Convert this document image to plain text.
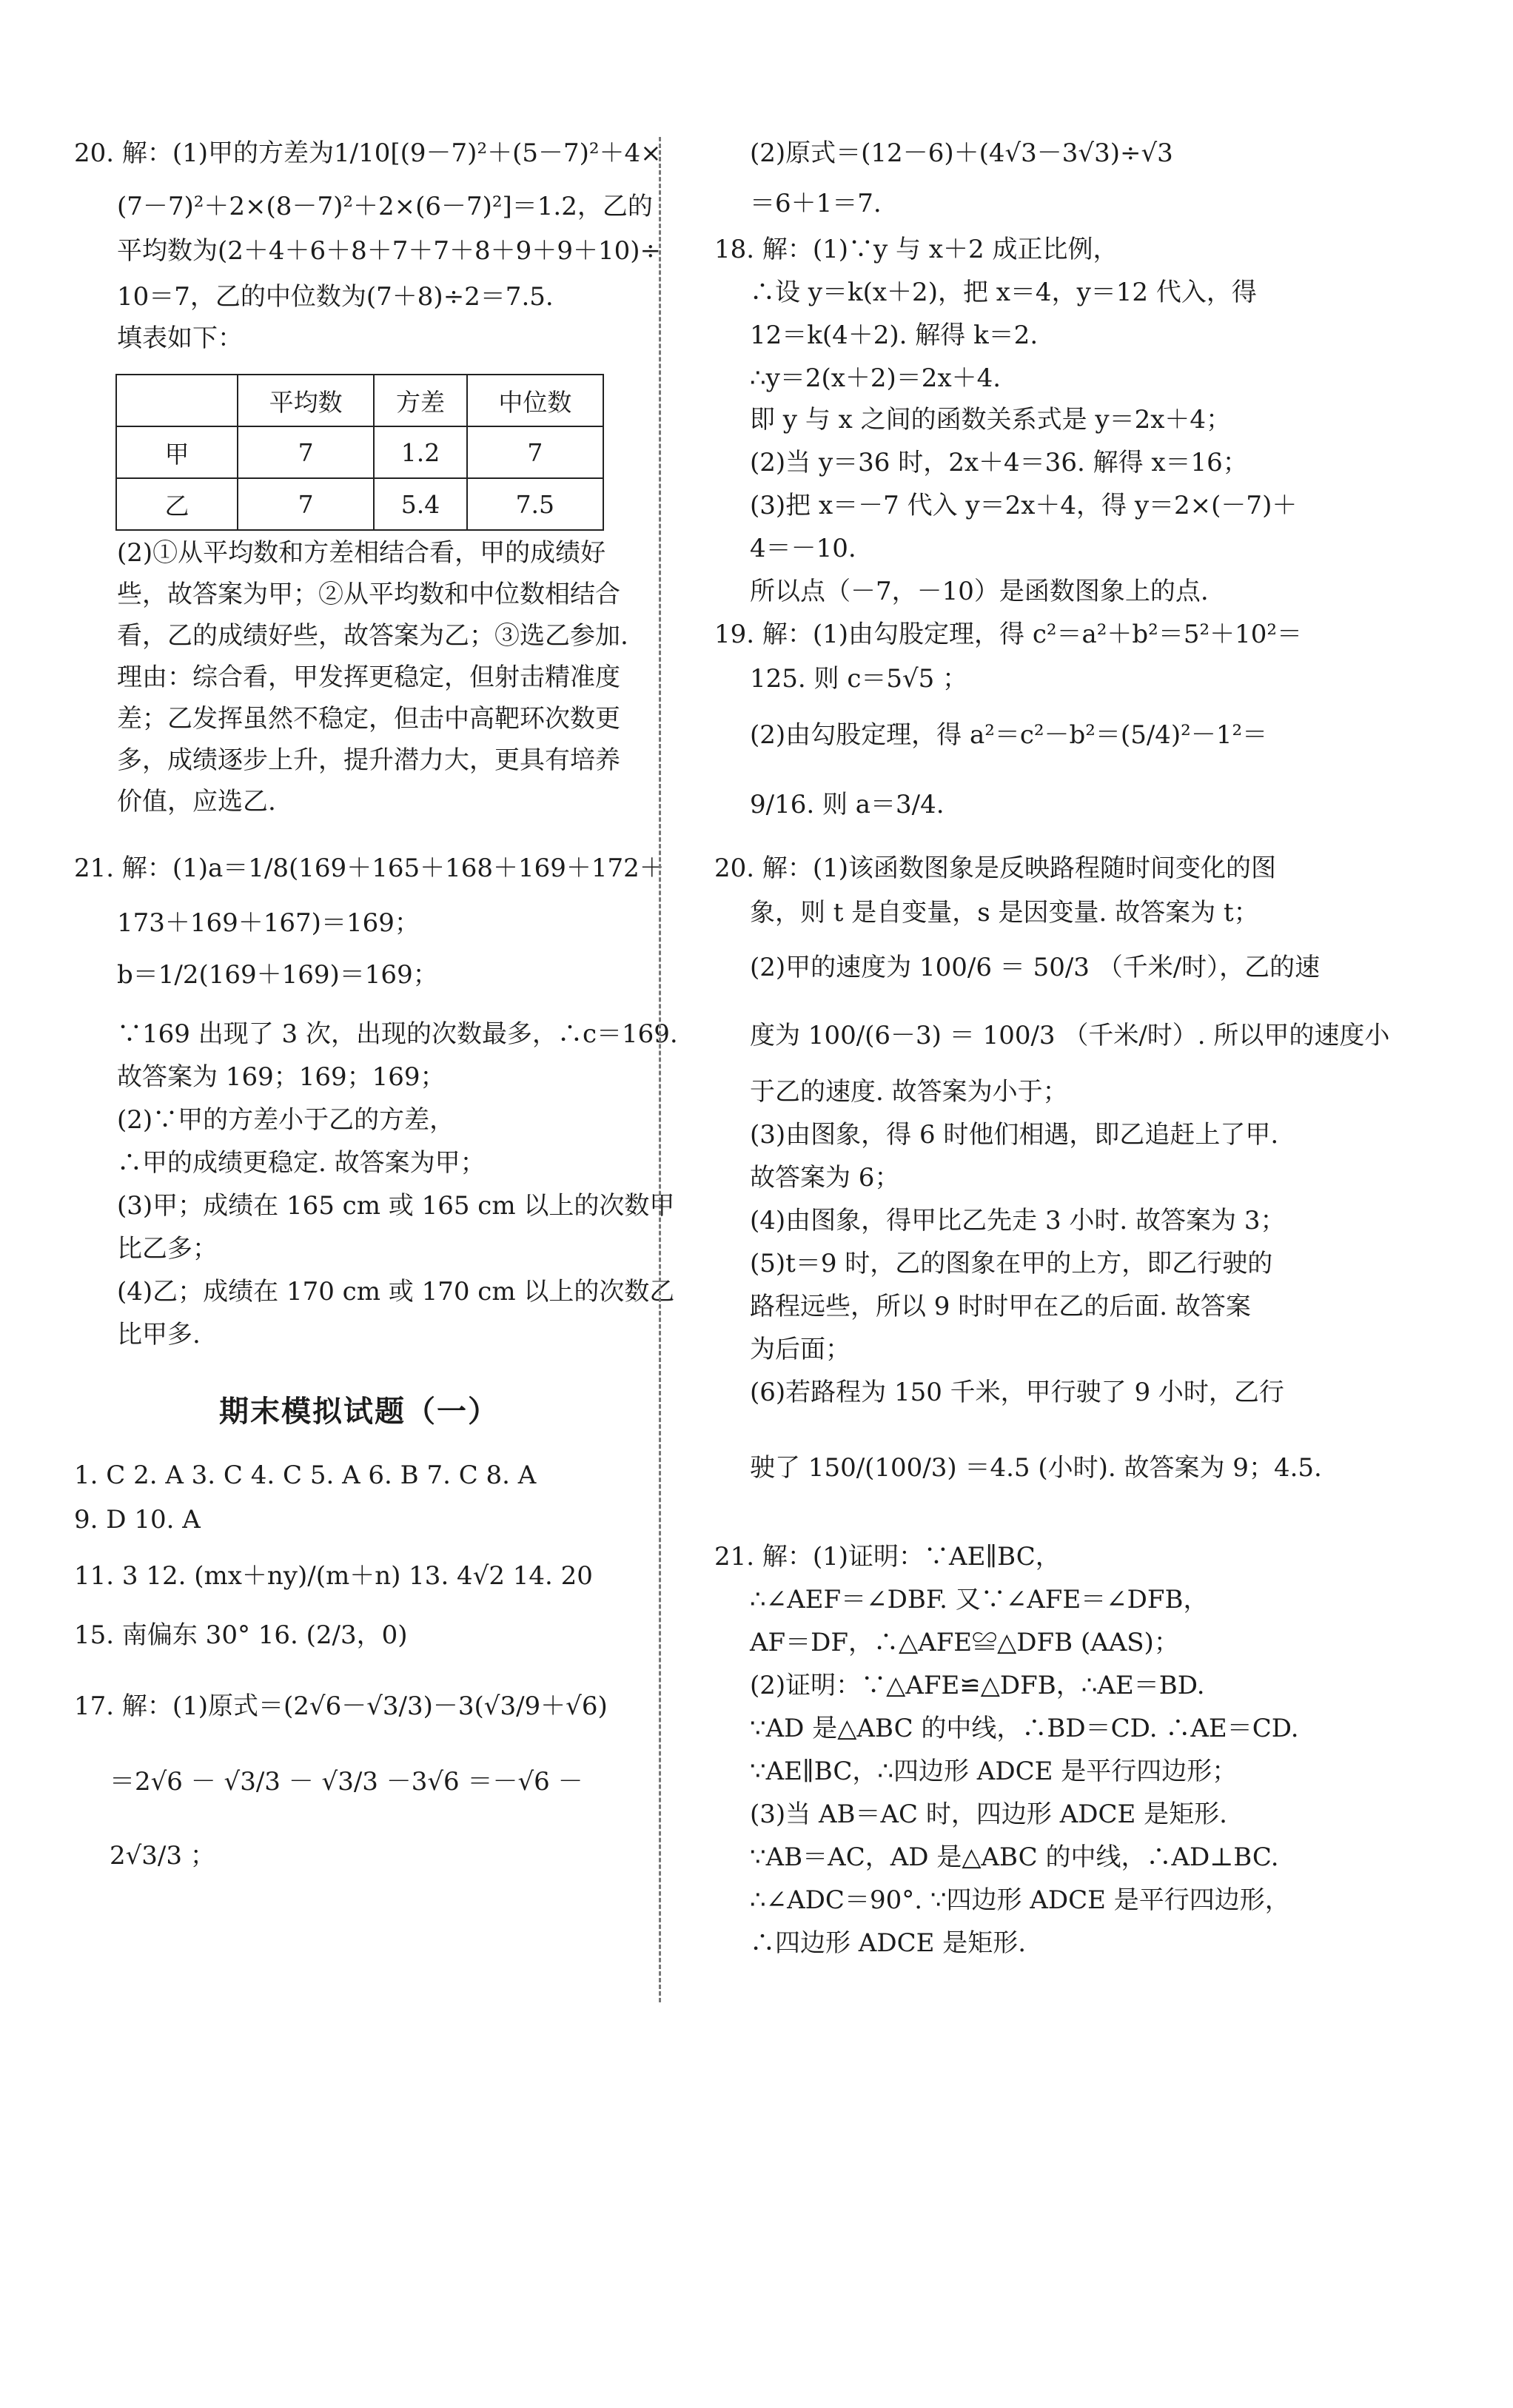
20. 解：(1)甲的方差为1/10[(9－7)²＋(5－7)²＋4×
(7－7)²＋2×(8－7)²＋2×(6－7)²]＝1.2，乙的
平均数为(2＋4＋6＋8＋7＋7＋8＋9＋9＋10)÷
10＝7，乙的中位数为(7＋8)÷2＝7.5.
填表如下：
	平均数	方差	中位数
甲	7	1.2	7
乙	7	5.4	7.5
(2)①从平均数和方差相结合看，甲的成绩好
些，故答案为甲；②从平均数和中位数相结合
看，乙的成绩好些，故答案为乙；③选乙参加.
理由：综合看，甲发挥更稳定，但射击精准度
差；乙发挥虽然不稳定，但击中高靶环次数更
多，成绩逐步上升，提升潜力大，更具有培养
价值，应选乙.
21. 解：(1)a＝1/8(169＋165＋168＋169＋172＋
173＋169＋167)＝169；
b＝1/2(169＋169)＝169；
∵169 出现了 3 次，出现的次数最多，∴c＝169.
故答案为 169；169；169；
(2)∵甲的方差小于乙的方差，
∴甲的成绩更稳定. 故答案为甲；
(3)甲；成绩在 165 cm 或 165 cm 以上的次数甲
比乙多；
(4)乙；成绩在 170 cm 或 170 cm 以上的次数乙
比甲多.
期末模拟试题（一）
1. C 2. A 3. C 4. C 5. A 6. B 7. C 8. A
9. D 10. A
11. 3 12. (mx＋ny)/(m＋n) 13. 4√2 14. 20
15. 南偏东 30° 16. (2/3，0)
17. 解：(1)原式＝(2√6－√3/3)－3(√3/9＋√6)
＝2√6 － √3/3 － √3/3 －3√6 ＝－√6 －
2√3/3 ；
(2)原式＝(12－6)＋(4√3－3√3)÷√3
＝6＋1＝7.
18. 解：(1)∵y 与 x＋2 成正比例，
∴设 y＝k(x＋2)，把 x＝4，y＝12 代入，得
12＝k(4＋2). 解得 k＝2.
∴y＝2(x＋2)＝2x＋4.
即 y 与 x 之间的函数关系式是 y＝2x＋4；
(2)当 y＝36 时，2x＋4＝36. 解得 x＝16；
(3)把 x＝－7 代入 y＝2x＋4，得 y＝2×(－7)＋
4＝－10.
所以点（－7，－10）是函数图象上的点.
19. 解：(1)由勾股定理，得 c²＝a²＋b²＝5²＋10²＝
125. 则 c＝5√5 ；
(2)由勾股定理，得 a²＝c²－b²＝(5/4)²－1²＝
9/16. 则 a＝3/4.
20. 解：(1)该函数图象是反映路程随时间变化的图
象，则 t 是自变量，s 是因变量. 故答案为 t；
(2)甲的速度为 100/6 ＝ 50/3 （千米/时），乙的速
度为 100/(6－3) ＝ 100/3 （千米/时）. 所以甲的速度小
于乙的速度. 故答案为小于；
(3)由图象，得 6 时他们相遇，即乙追赶上了甲.
故答案为 6；
(4)由图象，得甲比乙先走 3 小时. 故答案为 3；
(5)t＝9 时，乙的图象在甲的上方，即乙行驶的
路程远些，所以 9 时时甲在乙的后面. 故答案
为后面；
(6)若路程为 150 千米，甲行驶了 9 小时，乙行
驶了 150/(100/3) ＝4.5 (小时). 故答案为 9；4.5.
21. 解：(1)证明：∵AE∥BC，
∴∠AEF＝∠DBF. 又∵∠AFE＝∠DFB，
AF＝DF，∴△AFE≌△DFB (AAS)；
(2)证明：∵△AFE≌△DFB，∴AE＝BD.
∵AD 是△ABC 的中线，∴BD＝CD. ∴AE＝CD.
∵AE∥BC，∴四边形 ADCE 是平行四边形；
(3)当 AB＝AC 时，四边形 ADCE 是矩形.
∵AB＝AC，AD 是△ABC 的中线，∴AD⊥BC.
∴∠ADC＝90°. ∵四边形 ADCE 是平行四边形，
∴四边形 ADCE 是矩形.
